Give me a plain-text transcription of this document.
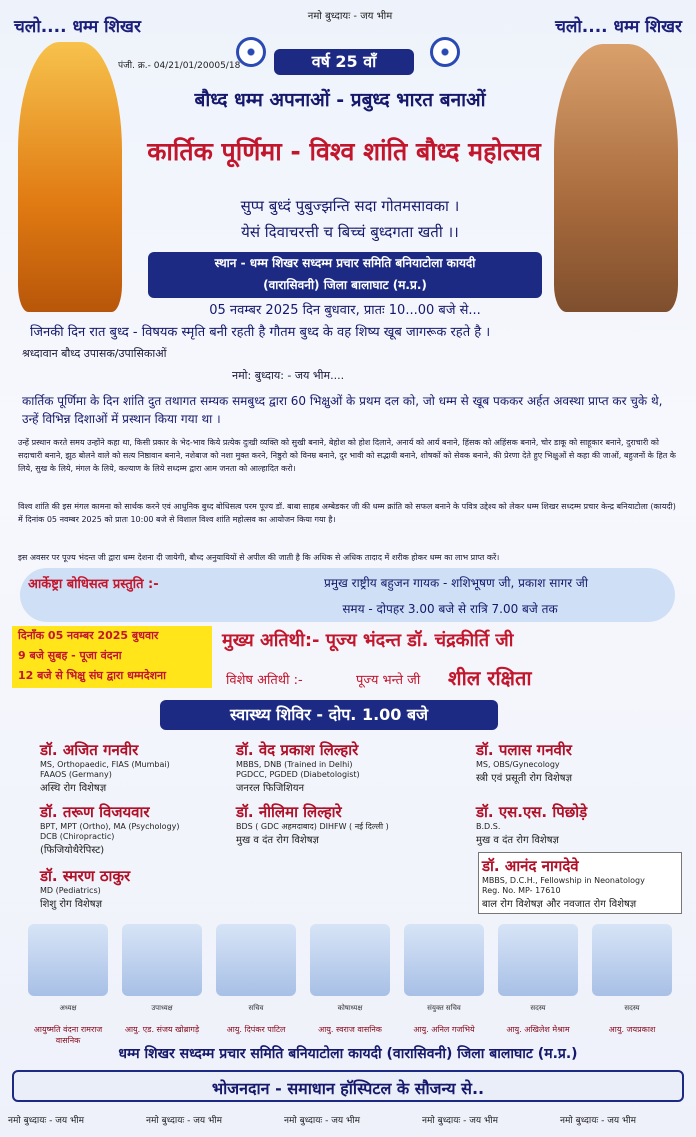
चलो.... धम्म शिखर	चलो.... धम्म शिखर
नमो बुध्दायः - जय भीम
पंजी. क्र.- 04/21/01/20005/18	वर्ष 25 वाँ
बौध्द धम्म अपनाओं - प्रबुध्द भारत बनाओं
कार्तिक पूर्णिमा - विश्व शांति बौध्द महोत्सव
सुप्प बुध्दं पुबुज्झन्ति सदा गोतमसावका ।
येसं दिवाचरत्ती च बिच्चं बुध्दगता खती ।।
स्थान - धम्म शिखर सध्दम्म प्रचार समिति बनियाटोला कायदी
(वारासिवनी) जिला बालाघाट (म.प्र.)
05 नवम्बर 2025 दिन बुधवार, प्रातः 10...00 बजे से...
जिनकी दिन रात बुध्द - विषयक स्मृति बनी रहती है गौतम बुध्द के वह शिष्य खूब जागरूक रहते है ।
श्रध्दावान बौध्द उपासक/उपासिकाओं
नमो: बुध्दाय: - जय भीम....
कार्तिक पूर्णिमा के दिन शांति दुत तथागत सम्यक समबुध्द द्वारा 60 भिक्षुओं के प्रथम दल को, जो धम्म से खूब पककर अर्हत अवस्था प्राप्त कर चुके थे, उन्हें विभिन्न दिशाओं में प्रस्थान किया गया था ।
उन्हें प्रस्थान करते समय उन्होंने कहा था, किसी प्रकार के भेद-भाव किये प्रत्येक दुःखी व्यक्ति को सुखी बनाने, बेहोश को होश दिलाने, अनार्य को आर्य बनाने, हिंसक को अहिंसक बनाने, चोर डाकू को साहूकार बनाने, दुराचारी को सदाचारी बनाने, झुठ बोलने वाले को सत्य निष्ठावान बनाने, नशेबाज को नशा मुक्त करने, निष्ठुरो को विनम्र बनाने, दुर भावी को सद्भावी बनाने, शोषकों को सेवक बनाने, की प्रेरणा देते हुए भिक्षुओं से कहा की जाओं, बहुजनों के हित के लिये, सुख के लिये, मंगल के लिये, कल्याण के लिये सध्दम्म द्वारा आम जनता को आल्हादित करो।
विश्व शांति की इस मंगल कामना को सार्थक करने एवं आधुनिक बुध्द बोधिसत्व परम पूज्य डॉ. बाबा साहब अम्बेडकर जी की धम्म क्रांति को सफल बनाने के पवित्र उद्देश्य को लेकर धम्म शिखर सध्दम्म प्रचार केन्द्र बनियाटोला (कायदी) में दिनांक 05 नवम्बर 2025 को प्रातः 10:00 बजे से विशाल विश्व शांति महोत्सव का आयोजन किया गया है।
इस अवसर पर पूज्य भंदन्त जी द्वारा धम्म देशना दी जायेगी, बौध्द अनुयायियों से अपील की जाती है कि अधिक से अधिक तादाद में शरीक होकर धम्म का लाभ प्राप्त करें।
आर्केष्ट्रा बोधिसत्व प्रस्तुति :-	प्रमुख राष्ट्रीय बहुजन गायक - शशिभूषण जी, प्रकाश सागर जी
समय - दोपहर 3.00 बजे से रात्रि 7.00 बजे तक
दिनाँक 05 नवम्बर 2025 बुधवार
9 बजे सुबह - पूजा वंदना
12 बजे से भिक्षु संघ द्वारा धम्मदेशना
मुख्य अतिथी:- पूज्य भंदन्त डॉ. चंद्रकीर्ति जी
विशेष अतिथी :-	पूज्य भन्ते जी शील रक्षिता
स्वास्थ्य शिविर - दोप. 1.00 बजे
डॉ. अजित गनवीर
MS, Orthopaedic, FIAS (Mumbai)
FAAOS (Germany)
अस्थि रोग विशेषज्ञ
डॉ. वेद प्रकाश लिल्हारे
MBBS, DNB (Trained in Delhi)
PGDCC, PGDED (Diabetologist)
जनरल फिजिशियन
डॉ. पलास गनवीर
MS, OBS/Gynecology
स्त्री एवं प्रसूती रोग विशेषज्ञ
डॉ. तरूण विजयवार
BPT, MPT (Ortho), MA (Psychology)
DCB (Chiropractic)
(फिजियोथैरेपिस्ट)
डॉ. नीलिमा लिल्हारे
BDS ( GDC अहमदाबाद) DIHFW ( नई दिल्ली )
मुख व दंत रोग विशेषज्ञ
डॉ. एस.एस. पिछोड़े
B.D.S.
मुख व दंत रोग विशेषज्ञ
डॉ. स्मरण ठाकुर
MD (Pediatrics)
शिशु रोग विशेषज्ञ
डॉ. आनंद नागदेवे
MBBS, D.C.H., Fellowship in Neonatology
Reg. No. MP- 17610
बाल रोग विशेषज्ञ और नवजात रोग विशेषज्ञ
अध्यक्ष
आयुष्मति वंदना रामराज वासनिक
उपाध्यक्ष
आयु. एड. संजय खोब्रागड़े
सचिव
आयु. दिपंकर पाटिल
कोषाध्यक्ष
आयु. स्वराज वासनिक
संयुक्त सचिव
आयु. अनिल गजभिये
सदस्य
आयु. अखिलेश मेश्राम
सदस्य
आयु. जयप्रकाश
धम्म शिखर सध्दम्म प्रचार समिति बनियाटोला कायदी (वारासिवनी) जिला बालाघाट (म.प्र.)
भोजनदान - समाधान हॉस्पिटल के सौजन्य से..
नमो बुध्दायः - जय भीम	नमो बुध्दायः - जय भीम	नमो बुध्दायः - जय भीम	नमो बुध्दायः - जय भीम	नमो बुध्दायः - जय भीम
